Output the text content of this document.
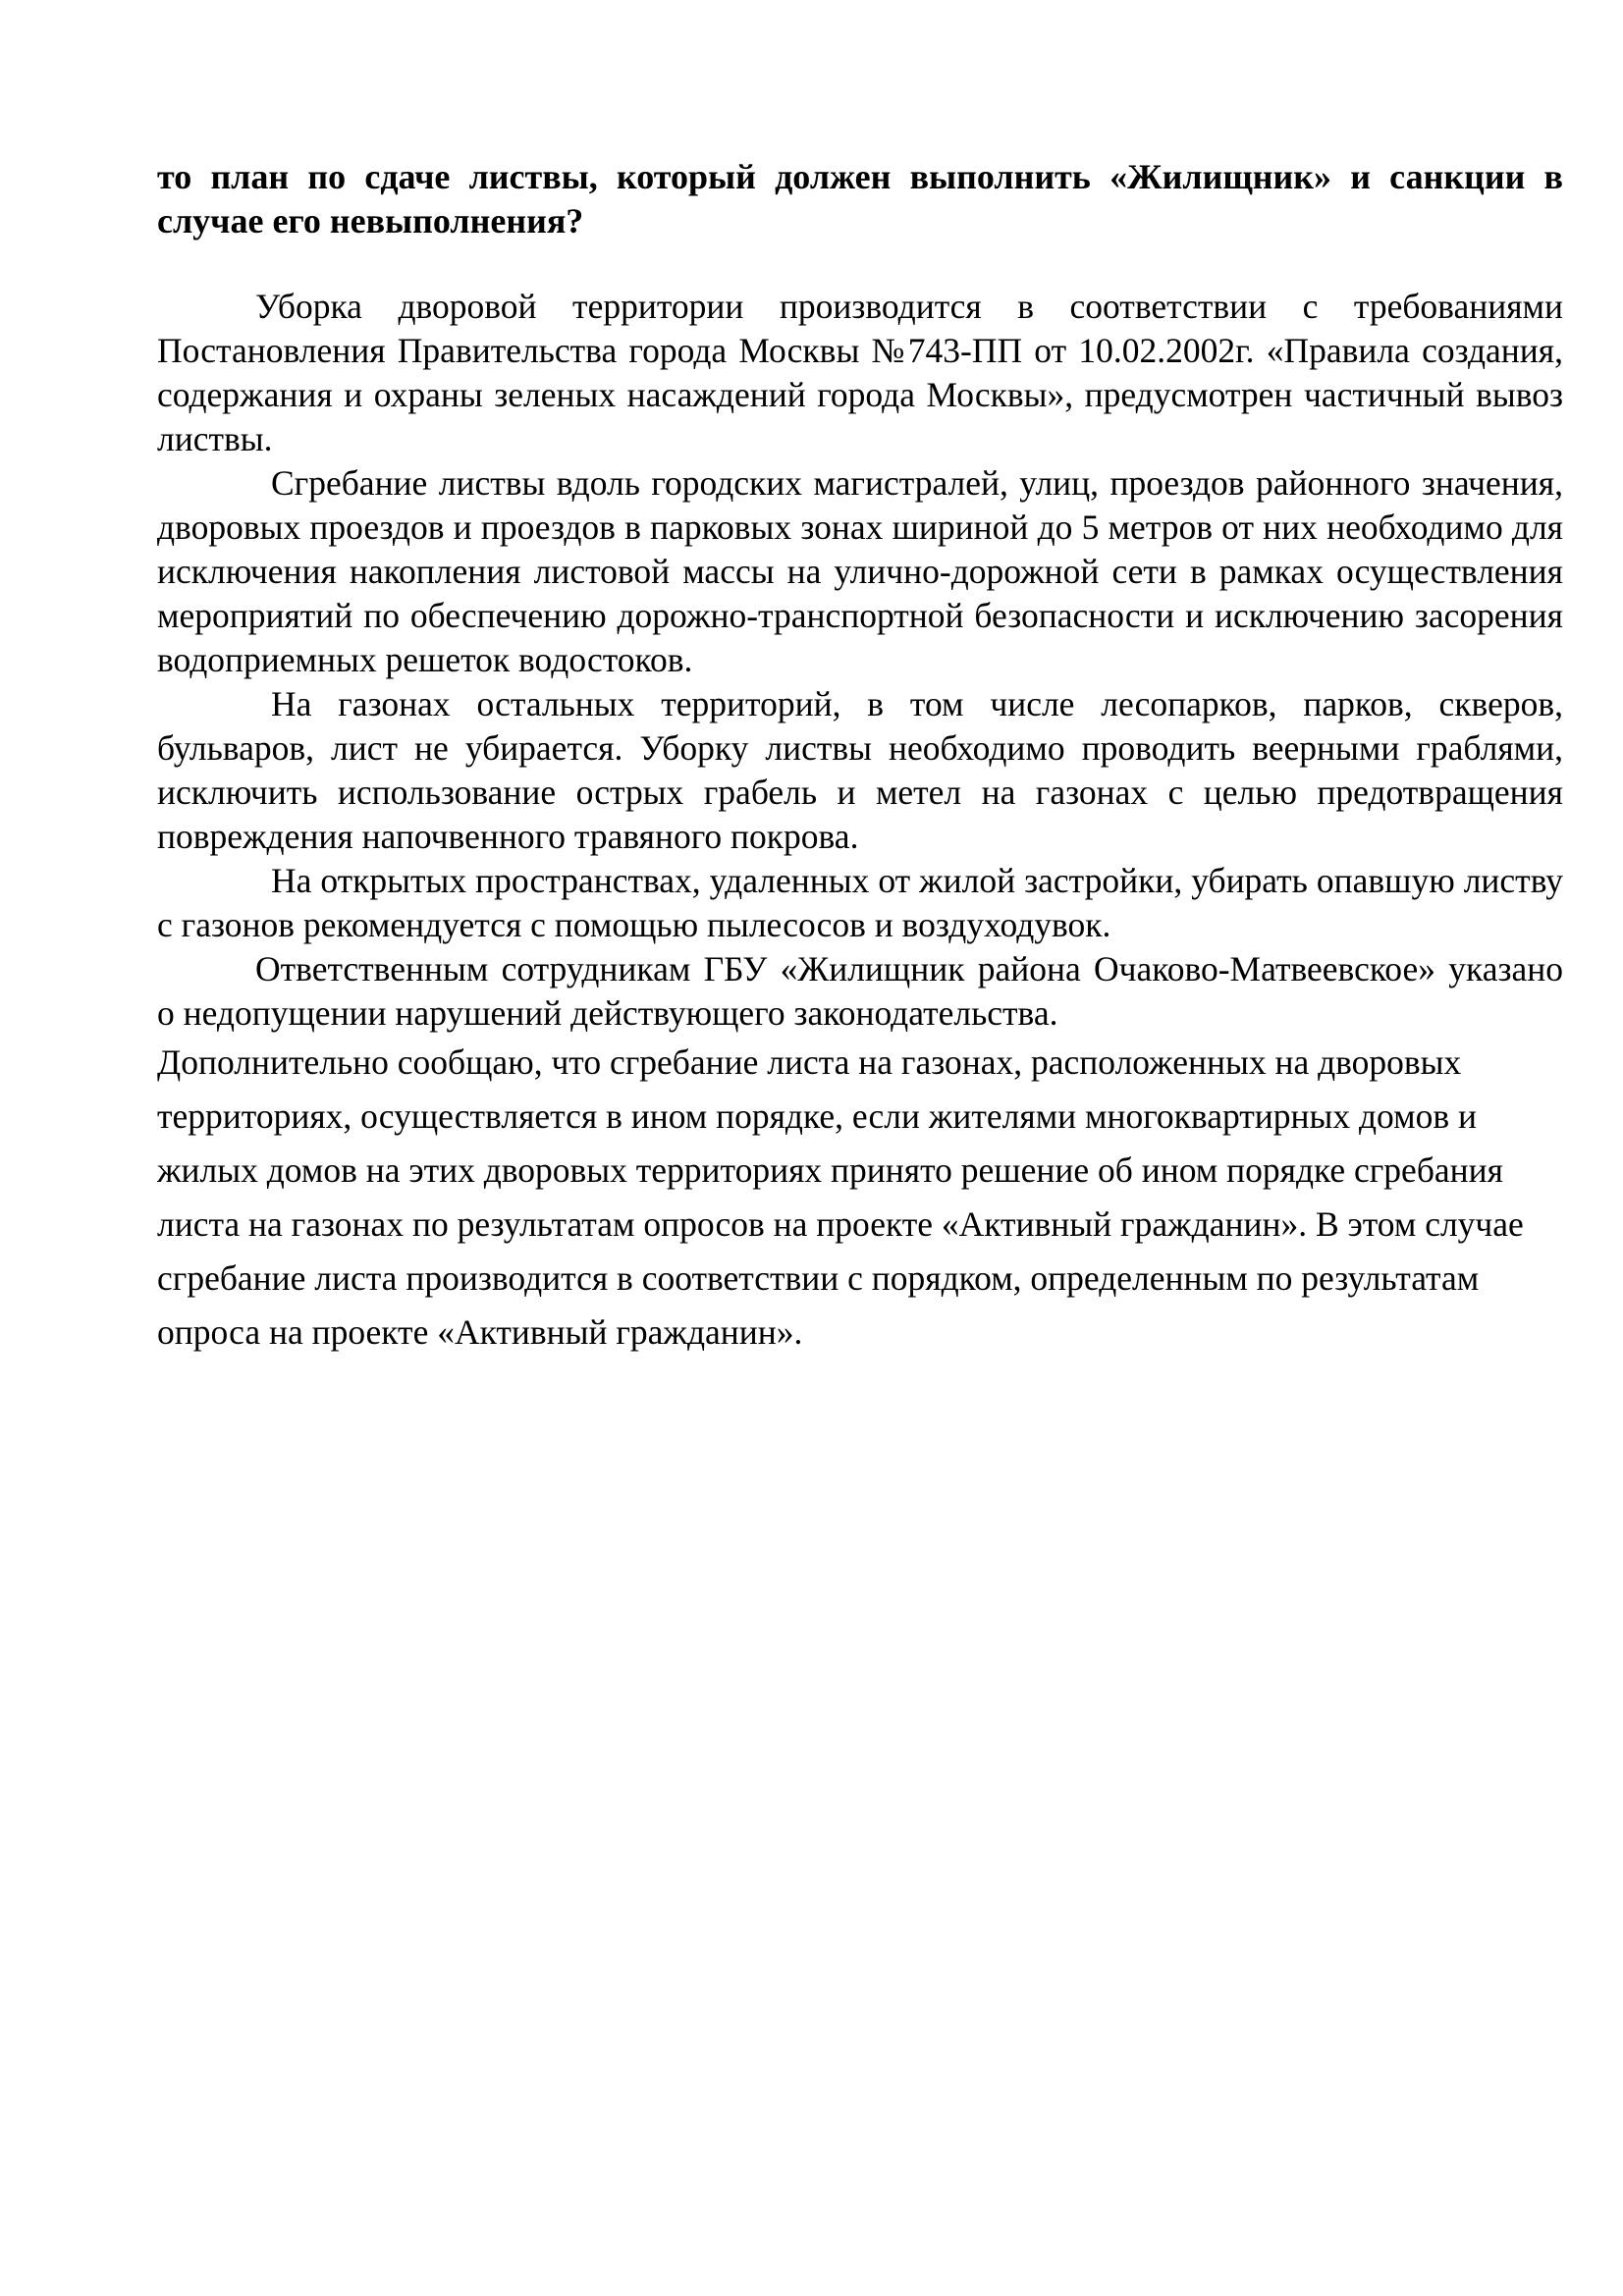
то план по сдаче листвы, который должен выполнить «Жилищник» и санкции в случае его невыполнения?

Уборка дворовой территории производится в соответствии с требованиями Постановления Правительства города Москвы №743-ПП от 10.02.2002г. «Правила создания, содержания и охраны зеленых насаждений города Москвы», предусмотрен частичный вывоз листвы.

Сгребание листвы вдоль городских магистралей, улиц, проездов районного значения, дворовых проездов и проездов в парковых зонах шириной до 5 метров от них необходимо для исключения накопления листовой массы на улично-дорожной сети в рамках осуществления мероприятий по обеспечению дорожно-транспортной безопасности и исключению засорения водоприемных решеток водостоков.

На газонах остальных территорий, в том числе лесопарков, парков, скверов, бульваров, лист не убирается. Уборку листвы необходимо проводить веерными граблями, исключить использование острых грабель и метел на газонах с целью предотвращения повреждения напочвенного травяного покрова.

На открытых пространствах, удаленных от жилой застройки, убирать опавшую листву с газонов рекомендуется с помощью пылесосов и воздуходувок.

Ответственным сотрудникам ГБУ «Жилищник района Очаково-Матвеевское» указано о недопущении нарушений действующего законодательства.

Дополнительно сообщаю, что сгребание листа на газонах, расположенных на дворовых территориях, осуществляется в ином порядке, если жителями многоквартирных домов и жилых домов на этих дворовых территориях принято решение об ином порядке сгребания листа на газонах по результатам опросов на проекте «Активный гражданин». В этом случае сгребание листа производится в соответствии с порядком, определенным по результатам опроса на проекте «Активный гражданин».
